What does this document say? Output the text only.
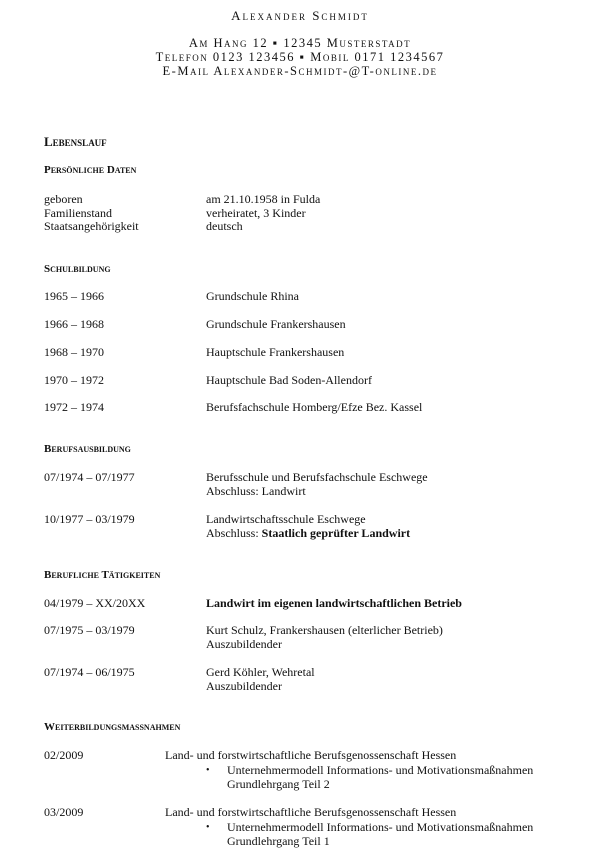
Alexander Schmidt
Am Hang 12 ▪ 12345 Musterstadt
Telefon 0123 123456 ▪ Mobil 0171 1234567
E-Mail Alexander-Schmidt-@T-online.de
Lebenslauf
Persönliche Daten
geboren	am 21.10.1958 in Fulda
Familienstand	verheiratet, 3 Kinder
Staatsangehörigkeit	deutsch
Schulbildung
1965 – 1966	Grundschule Rhina
1966 – 1968	Grundschule Frankershausen
1968 – 1970	Hauptschule Frankershausen
1970 – 1972	Hauptschule Bad Soden-Allendorf
1972 – 1974	Berufsfachschule Homberg/Efze Bez. Kassel
Berufsausbildung
07/1974 – 07/1977	Berufsschule und Berufsfachschule Eschwege
Abschluss: Landwirt
10/1977 – 03/1979	Landwirtschaftsschule Eschwege
Abschluss: Staatlich geprüfter Landwirt
Berufliche Tätigkeiten
04/1979 – XX/20XX	Landwirt im eigenen landwirtschaftlichen Betrieb
07/1975 – 03/1979	Kurt Schulz, Frankershausen (elterlicher Betrieb)
Auszubildender
07/1974 – 06/1975	Gerd Köhler, Wehretal
Auszubildender
Weiterbildungsmassnahmen
02/2009	Land- und forstwirtschaftliche Berufsgenossenschaft Hessen
• Unternehmermodell Informations- und Motivationsmaßnahmen
Grundlehrgang Teil 2
03/2009	Land- und forstwirtschaftliche Berufsgenossenschaft Hessen
• Unternehmermodell Informations- und Motivationsmaßnahmen
Grundlehrgang Teil 1
